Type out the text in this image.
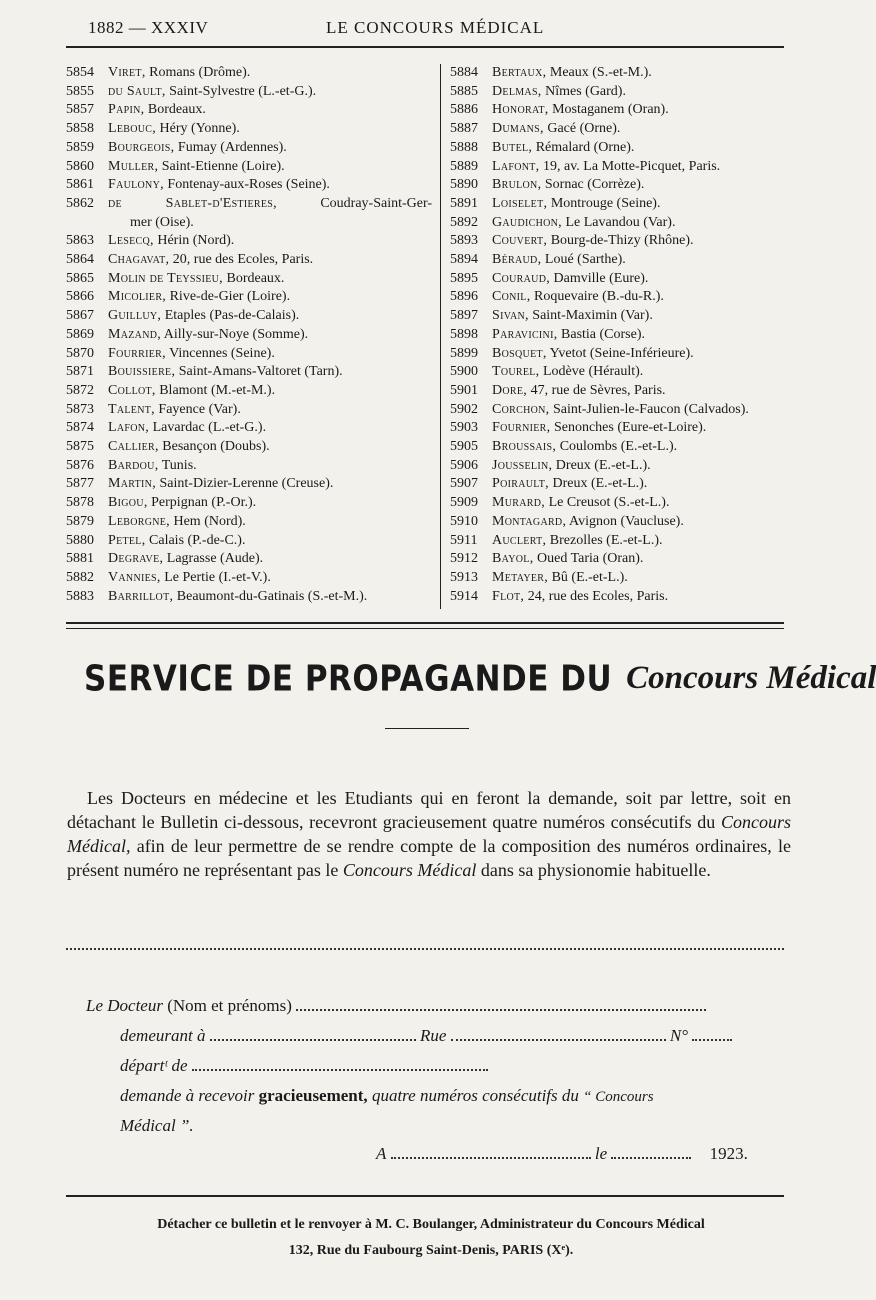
1882 — XXXIV	LE CONCOURS MÉDICAL
5854	Viret, Romans (Drôme).
5855	du Sault, Saint-Sylvestre (L.-et-G.).
5857	Papin, Bordeaux.
5858	Lebouc, Héry (Yonne).
5859	Bourgeois, Fumay (Ardennes).
5860	Muller, Saint-Etienne (Loire).
5861	Faulony, Fontenay-aux-Roses (Seine).
5862	de Sablet-d'Estieres,	Coudray-Saint-Ger-
mer (Oise).
5863	Lesecq, Hérin (Nord).
5864	Chagavat, 20, rue des Ecoles, Paris.
5865	Molin de Teyssieu, Bordeaux.
5866	Micolier, Rive-de-Gier (Loire).
5867	Guilluy, Etaples (Pas-de-Calais).
5869	Mazand, Ailly-sur-Noye (Somme).
5870	Fourrier, Vincennes (Seine).
5871	Bouissiere, Saint-Amans-Valtoret (Tarn).
5872	Collot, Blamont (M.-et-M.).
5873	Talent, Fayence (Var).
5874	Lafon, Lavardac (L.-et-G.).
5875	Callier, Besançon (Doubs).
5876	Bardou, Tunis.
5877	Martin, Saint-Dizier-Lerenne (Creuse).
5878	Bigou, Perpignan (P.-Or.).
5879	Leborgne, Hem (Nord).
5880	Petel, Calais (P.-de-C.).
5881	Degrave, Lagrasse (Aude).
5882	Vannies, Le Pertie (I.-et-V.).
5883	Barrillot, Beaumont-du-Gatinais (S.-et-M.).
5884	Bertaux, Meaux (S.-et-M.).
5885	Delmas, Nîmes (Gard).
5886	Honorat, Mostaganem (Oran).
5887	Dumans, Gacé (Orne).
5888	Butel, Rémalard (Orne).
5889	Lafont, 19, av. La Motte-Picquet, Paris.
5890	Brulon, Sornac (Corrèze).
5891	Loiselet, Montrouge (Seine).
5892	Gaudichon, Le Lavandou (Var).
5893	Couvert, Bourg-de-Thizy (Rhône).
5894	Béraud, Loué (Sarthe).
5895	Couraud, Damville (Eure).
5896	Conil, Roquevaire (B.-du-R.).
5897	Sivan, Saint-Maximin (Var).
5898	Paravicini, Bastia (Corse).
5899	Bosquet, Yvetot (Seine-Inférieure).
5900	Tourel, Lodève (Hérault).
5901	Dore, 47, rue de Sèvres, Paris.
5902	Corchon, Saint-Julien-le-Faucon (Calvados).
5903	Fournier, Senonches (Eure-et-Loire).
5905	Broussais, Coulombs (E.-et-L.).
5906	Jousselin, Dreux (E.-et-L.).
5907	Poirault, Dreux (E.-et-L.).
5909	Murard, Le Creusot (S.-et-L.).
5910	Montagard, Avignon (Vaucluse).
5911	Auclert, Brezolles (E.-et-L.).
5912	Bayol, Oued Taria (Oran).
5913	Metayer, Bû (E.-et-L.).
5914	Flot, 24, rue des Ecoles, Paris.
SERVICE DE PROPAGANDE DU Concours Médical

Les Docteurs en médecine et les Etudiants qui en feront la demande, soit par lettre, soit en détachant le Bulletin ci-dessous, recevront gracieusement quatre numéros consécutifs du Concours Médical, afin de leur permettre de se rendre compte de la composition des numéros ordinaires, le présent numéro ne représentant pas le Concours Médical dans sa physionomie habituelle.

Le Docteur (Nom et prénoms)
demeurant à	Rue	N°
départᵗ de
demande à recevoir gracieusement, quatre numéros consécutifs du “ Concours
Médical ”.
A	le	1923.
Détacher ce bulletin et le renvoyer à M. C. Boulanger, Administrateur du Concours Médical
132, Rue du Faubourg Saint-Denis, PARIS (Xᵉ).
